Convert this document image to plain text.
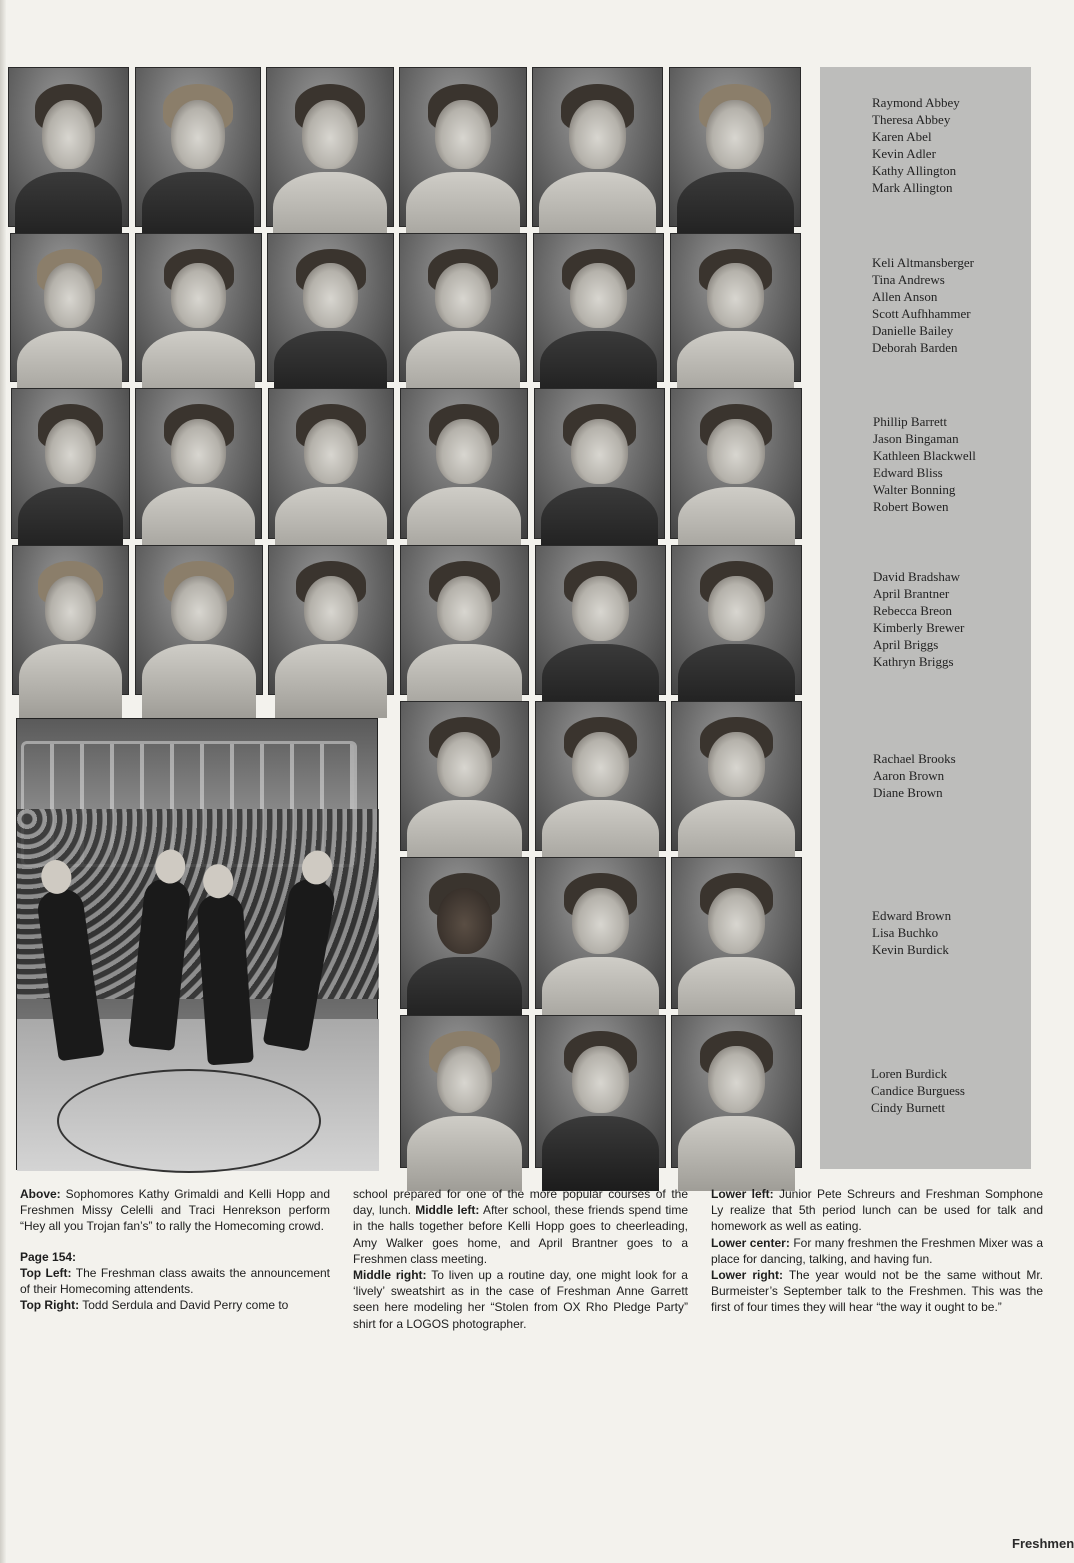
Raymond Abbey
Theresa Abbey
Karen Abel
Kevin Adler
Kathy Allington
Mark Allington
Keli Altmansberger
Tina Andrews
Allen Anson
Scott Aufhhammer
Danielle Bailey
Deborah Barden
Phillip Barrett
Jason Bingaman
Kathleen Blackwell
Edward Bliss
Walter Bonning
Robert Bowen
David Bradshaw
April Brantner
Rebecca Breon
Kimberly Brewer
April Briggs
Kathryn Briggs
Rachael Brooks
Aaron Brown
Diane Brown
Edward Brown
Lisa Buchko
Kevin Burdick
Loren Burdick
Candice Burguess
Cindy Burnett

Above: Sophomores Kathy Grimaldi and Kelli Hopp and Freshmen Missy Celelli and Traci Henrekson perform “Hey all you Trojan fan’s” to rally the Homecoming crowd.

Page 154:

Top Left: The Freshman class awaits the announcement of their Homecoming attendents.

Top Right: Todd Serdula and David Perry come to

school prepared for one of the more popular courses of the day, lunch. Middle left: After school, these friends spend time in the halls together before Kelli Hopp goes to cheerleading, Amy Walker goes home, and April Brantner goes to a Freshmen class meeting.

Middle right: To liven up a routine day, one might look for a ‘lively’ sweatshirt as in the case of Freshman Anne Garrett seen here modeling her “Stolen from OX Rho Pledge Party” shirt for a LOGOS photographer.

Lower left: Junior Pete Schreurs and Freshman Somphone Ly realize that 5th period lunch can be used for talk and homework as well as eating.

Lower center: For many freshmen the Freshmen Mixer was a place for dancing, talking, and having fun.

Lower right: The year would not be the same without Mr. Burmeister’s September talk to the Freshmen. This was the first of four times they will hear “the way it ought to be.”

Freshmen
